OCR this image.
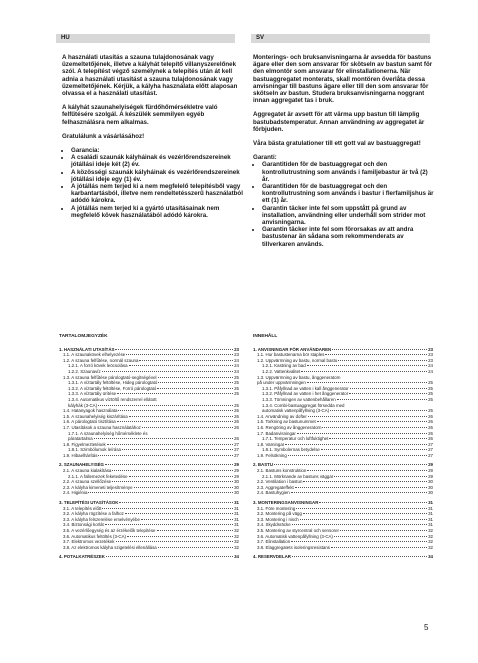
HU	SV

A használati utasítás a szauna tulajdonosának vagy üzemeltetőjének, illetve a kályhát telepítő villanyszerelőnek szól. A telepítést végző személynek a telepítés után át kell adnia a használati utasítást a szauna tulajdonosának vagy üzemeltetőjének. Kérjük, a kályha használata előtt alaposan olvassa el a használati utasítást.

A kályhát szaunahelyiségek fürdőhőmérsékletre való felfűtésére szolgál. A készülék semmilyen egyéb felhasználásra nem alkalmas.

Gratulálunk a vásárlásához!

• Garancia:
• A családi szaunák kályháinak és vezérlőrendszereinek jótállási ideje két (2) év.
• A közösségi szaunák kályháinak és vezérlőrendszereinek jótállási ideje egy (1) év.
• A jótállás nem terjed ki a nem megfelelő telepítésből vagy karbantartásból, illetve nem rendeltetésszerű használatból adódó károkra.
• A jótállás nem terjed ki a gyártó utasításainak nem megfelelő kövek használatából adódó károkra.

Monterings- och bruksanvisningarna är avsedda för bastuns ägare eller den som ansvarar för skötseln av bastun samt för den elmontör som ansvarar för elinstallationerna. När bastuaggregatet monterats, skall montören överlåta dessa anvisningar till bastuns ägare eller till den som ansvarar för skötseln av bastun. Studera bruksanvisningarna noggrant innan aggregatet tas i bruk.

Aggregatet är avsett för att värma upp bastun till lämplig bastubadstemperatur. Annan användning av aggregatet är förbjuden.

Våra bästa gratulationer till ett gott val av bastuaggregat!

Garanti:

• Garantitiden för de bastuaggregat och den kontrollutrustning som används i familjebastur är två (2) år.
• Garantitiden för de bastuaggregat och den kontrollutrustning som används i bastur i flerfamiljshus är ett (1) år.
• Garantin täcker inte fel som uppstått på grund av installation, användning eller underhåll som strider mot anvisningarna.
• Garantin täcker inte fel som förorsakas av att andra bastustenar än sådana som rekommenderats av tillverkaren används.
TARTALOMJEGYZÉK
1. HASZNÁLATI UTASÍTÁS	23
1.1. A szaunakövek elhelyezése	23
1.2. A szauna felfűtése, normál szauna	24
1.2.1. A forró kövek leöcsolása	24
1.2.2. Szaunavíz	24
1.3. A szauna felfűtése párologtató-segítségével	25
1.3.1. A víztartály feltöltése, Hideg párologtató	25
1.3.2. A víztartály feltöltése, Forró párologtató	25
1.3.3. A víztartály ürítése	25
1.3.4. Automatikus víztöltő rendszerrel ellátott
kályhák (3-CA)	25
1.4. Hatanyagok használata	26
1.5. A szaunahelyiség kiszárítása	26
1.6. A párologtató tisztítása	26
1.7. Utasítások a szauna használatához	26
1.7.1. A szaunahelyiség hőmérséklete és
páratartalma	26
1.8. Figyelmeztetések	27
1.8.1. Szimbólumok leírása	27
1.9. Hibaelhárítás	27
2. SZAUNAHELYISÉG	29
2.1. A szauna kialakítása	29
2.1.1. A fallemezek feketedése	29
2.2. A szauna szellőzése	30
2.3. A kályha kimeneti teljesítménye	30
2.4. Higiénia	30
3. TELEPÍTÉSI UTASÍTÁSOK	31
3.1. A telepítés előtt	31
3.2. A kályha rögzítése a falhoz	31
3.3. A kályha felszerelése emelvényébe	31
3.4. Biztonsági korlát	31
3.5. A vezérlőegység és az érzékelők telepítése	32
3.6. Automatikus feltöltés (3-CA)	32
3.7. Elektromos vezetékek	32
3.8. Az elektromos kályha szigetelési ellenállása	32
4. POTALKATRÉSZEK	34
INNEHÅLL
1. ANVISNINGAR FÖR ANVÄNDAREN	23
1.1. Hur bastustenarna bör staples	23
1.2. Uppvärmning av bastu, normal bastu	23
1.2.1. Kastning av bad	24
1.2.2. Vattenkvalitet	24
1.3. Uppvärmning av bastu, ånggeneratorn
på under uppvärmningen	25
1.3.1. Påfyllnad av vatten i kall ånggenerator	25
1.3.2. Påfyllnad av vatten i het ånggenerator	25
1.3.3. Tömningen av vattenbehållaren	25
1.3.4. Combi-bastuaggregat försedda med
automatisk vattenpåfyllning (3-CA)	25
1.4. Användning av dofter	26
1.5. Torkning av bastunummet	26
1.6. Rengöring av ånggeneratorn	26
1.7. Badanvisningar	26
1.7.1. Temperatur och luftfuktighet	26
1.8. Varningar	27
1.8.1. Symbolernas betydelse	27
1.9. Felsökning	27
2. BASTU	29
2.1. Bastuns konstruktion	29
2.1.1. Mörknande av bastuns väggar	29
2.2. Ventilation i bastun	30
2.3. Aggregateffekt	30
2.4. Bastuhygien	30
3. MONTERINGSANVISNINGAR	31
3.1. Före montering	31
3.2. Montering på vägg	31
3.3. Montering i nisch	31
3.4. Skyddsräcke	31
3.5. Montering av styrcentral och sensorer	32
3.6. Automatisk vattenpåfyllning (3-CA)	32
3.7. Elinstallation	32
3.8. Elaggregatets isoleringsresistans	32
4. RESERVDELAR	34
5
